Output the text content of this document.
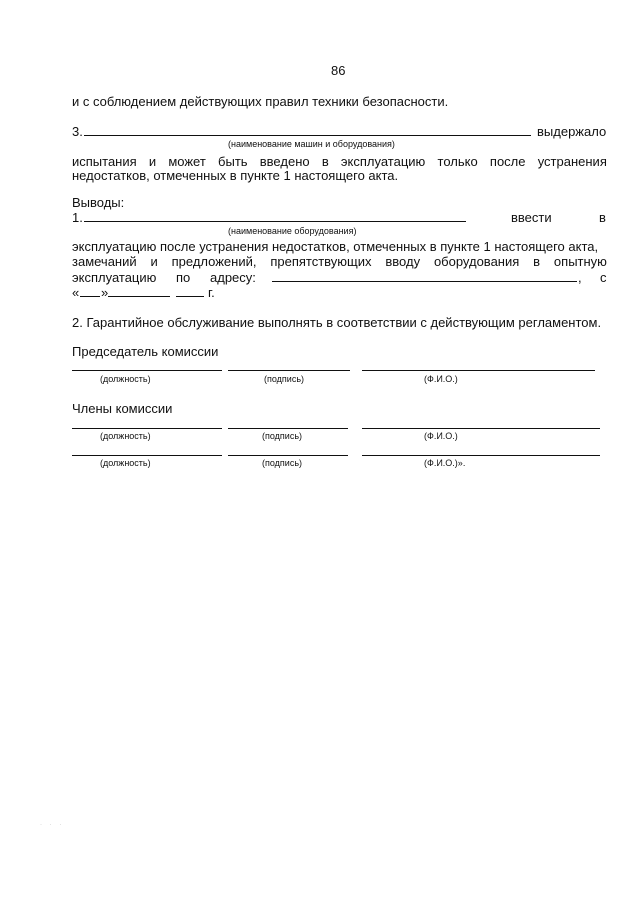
86
и с соблюдением действующих правил техники безопасности.
3.	выдержало
(наименование машин и оборудования)
испытания и может быть введено в эксплуатацию только после устранения
недостатков, отмеченных в пункте 1 настоящего акта.
Выводы:
1.	ввести	в
(наименование оборудования)
эксплуатацию после устранения недостатков, отмеченных в пункте 1 настоящего акта,
замечаний и предложений, препятствующих вводу оборудования в опытную
эксплуатацию по адресу:	, с
« »	г.
2. Гарантийное обслуживание выполнять в соответствии с действующим регламентом.
Председатель комиссии
(должность)	(подпись)	(Ф.И.О.)
Члены комиссии
(должность)	(подпись)	(Ф.И.О.)
(должность)	(подпись)	(Ф.И.О.)».
· · ·
